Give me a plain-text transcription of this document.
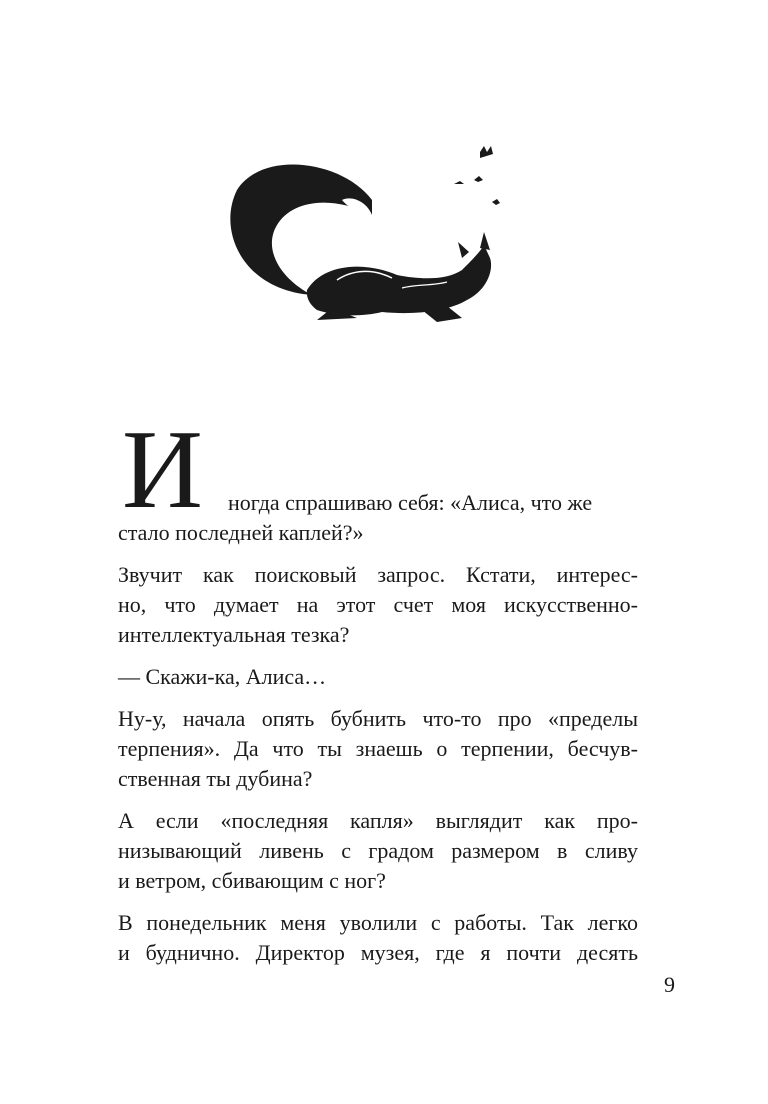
И ногда спрашиваю себя: «Алиса, что же
стало последней каплей?»
Звучит как поисковый запрос. Кстати, интерес-
но, что думает на этот счет моя искусственно-
интеллектуальная тезка?
— Скажи-ка, Алиса…
Ну-у, начала опять бубнить что-то про «пределы
терпения». Да что ты знаешь о терпении, бесчув-
ственная ты дубина?
А если «последняя капля» выглядит как про-
низывающий ливень с градом размером в сливу
и ветром, сбивающим с ног?
В понедельник меня уволили с работы. Так легко
и буднично. Директор музея, где я почти десять
9
